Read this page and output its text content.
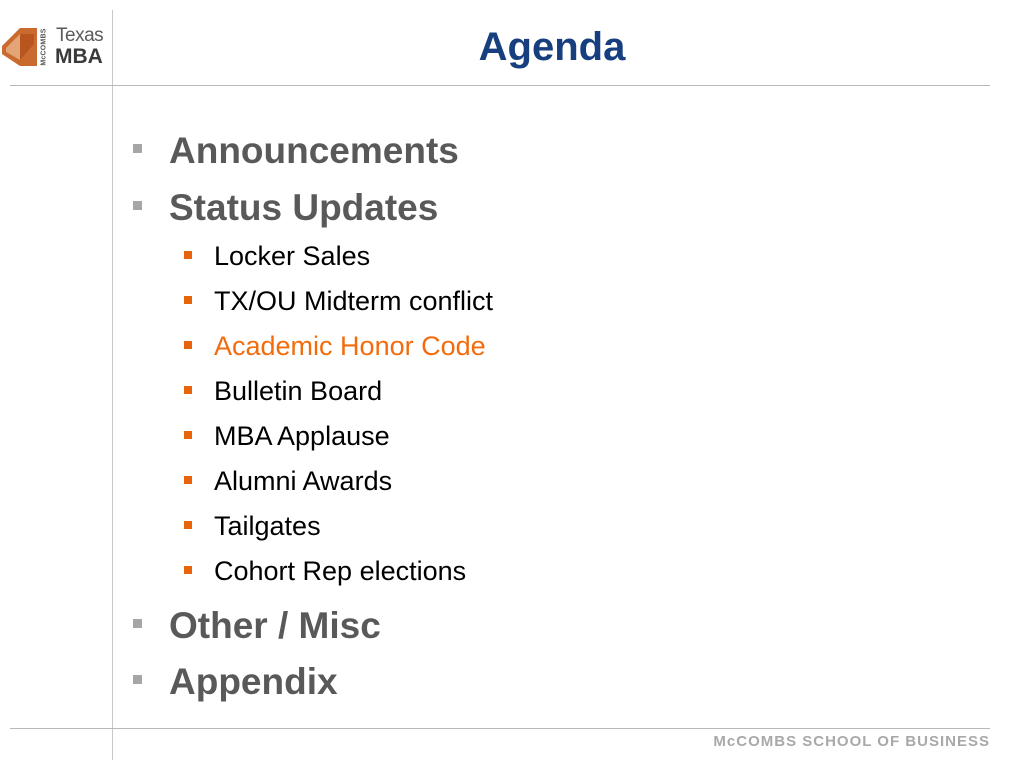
McCOMBS Texas
MBA	Agenda
Announcements
Status Updates
Locker Sales
TX/OU Midterm conflict
Academic Honor Code
Bulletin Board
MBA Applause
Alumni Awards
Tailgates
Cohort Rep elections
Other / Misc
Appendix
McCOMBS SCHOOL OF BUSINESS
